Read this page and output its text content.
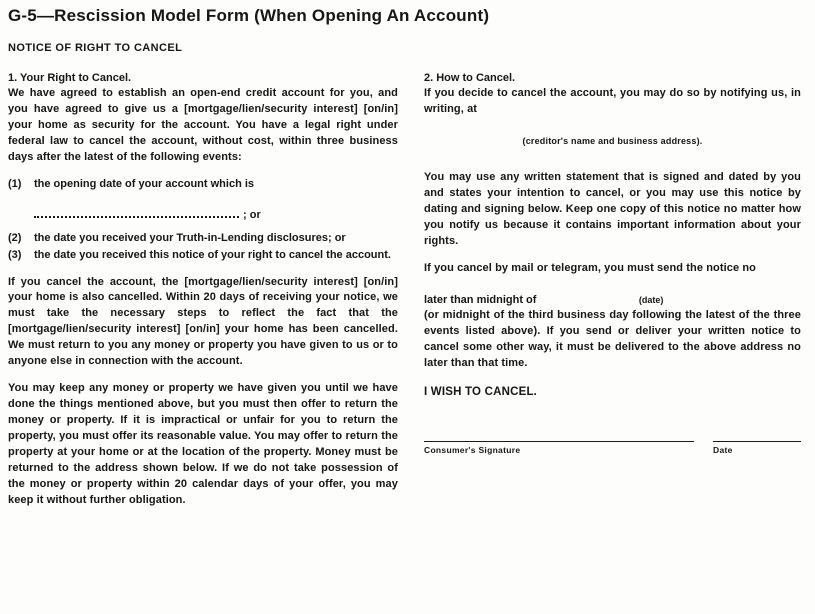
G-5—Rescission Model Form (When Opening An Account)
NOTICE OF RIGHT TO CANCEL
1. Your Right to Cancel.
We have agreed to establish an open-end credit account for you, and you have agreed to give us a [mortgage/lien/security interest] [on/in] your home as security for the account. You have a legal right under federal law to cancel the account, without cost, within three business days after the latest of the following events:
(1)	the opening date of your account which is
; or
(2)	the date you received your Truth-in-Lending disclosures; or
(3)	the date you received this notice of your right to cancel the account.
If you cancel the account, the [mortgage/lien/security interest] [on/in] your home is also cancelled. Within 20 days of receiving your notice, we must take the necessary steps to reflect the fact that the [mortgage/lien/security interest] [on/in] your home has been cancelled. We must return to you any money or property you have given to us or to anyone else in connection with the account.
You may keep any money or property we have given you until we have done the things mentioned above, but you must then offer to return the money or property. If it is impractical or unfair for you to return the property, you must offer its reasonable value. You may offer to return the property at your home or at the location of the property. Money must be returned to the address shown below. If we do not take possession of the money or property within 20 calendar days of your offer, you may keep it without further obligation.
2. How to Cancel.
If you decide to cancel the account, you may do so by notifying us, in writing, at
(creditor's name and business address).
You may use any written statement that is signed and dated by you and states your intention to cancel, or you may use this notice by dating and signing below. Keep one copy of this notice no matter how you notify us because it contains important information about your rights.
If you cancel by mail or telegram, you must send the notice no
later than midnight of	(date)
(or midnight of the third business day following the latest of the three events listed above). If you send or deliver your written notice to cancel some other way, it must be delivered to the above address no later than that time.
I WISH TO CANCEL.
Consumer's Signature	Date
